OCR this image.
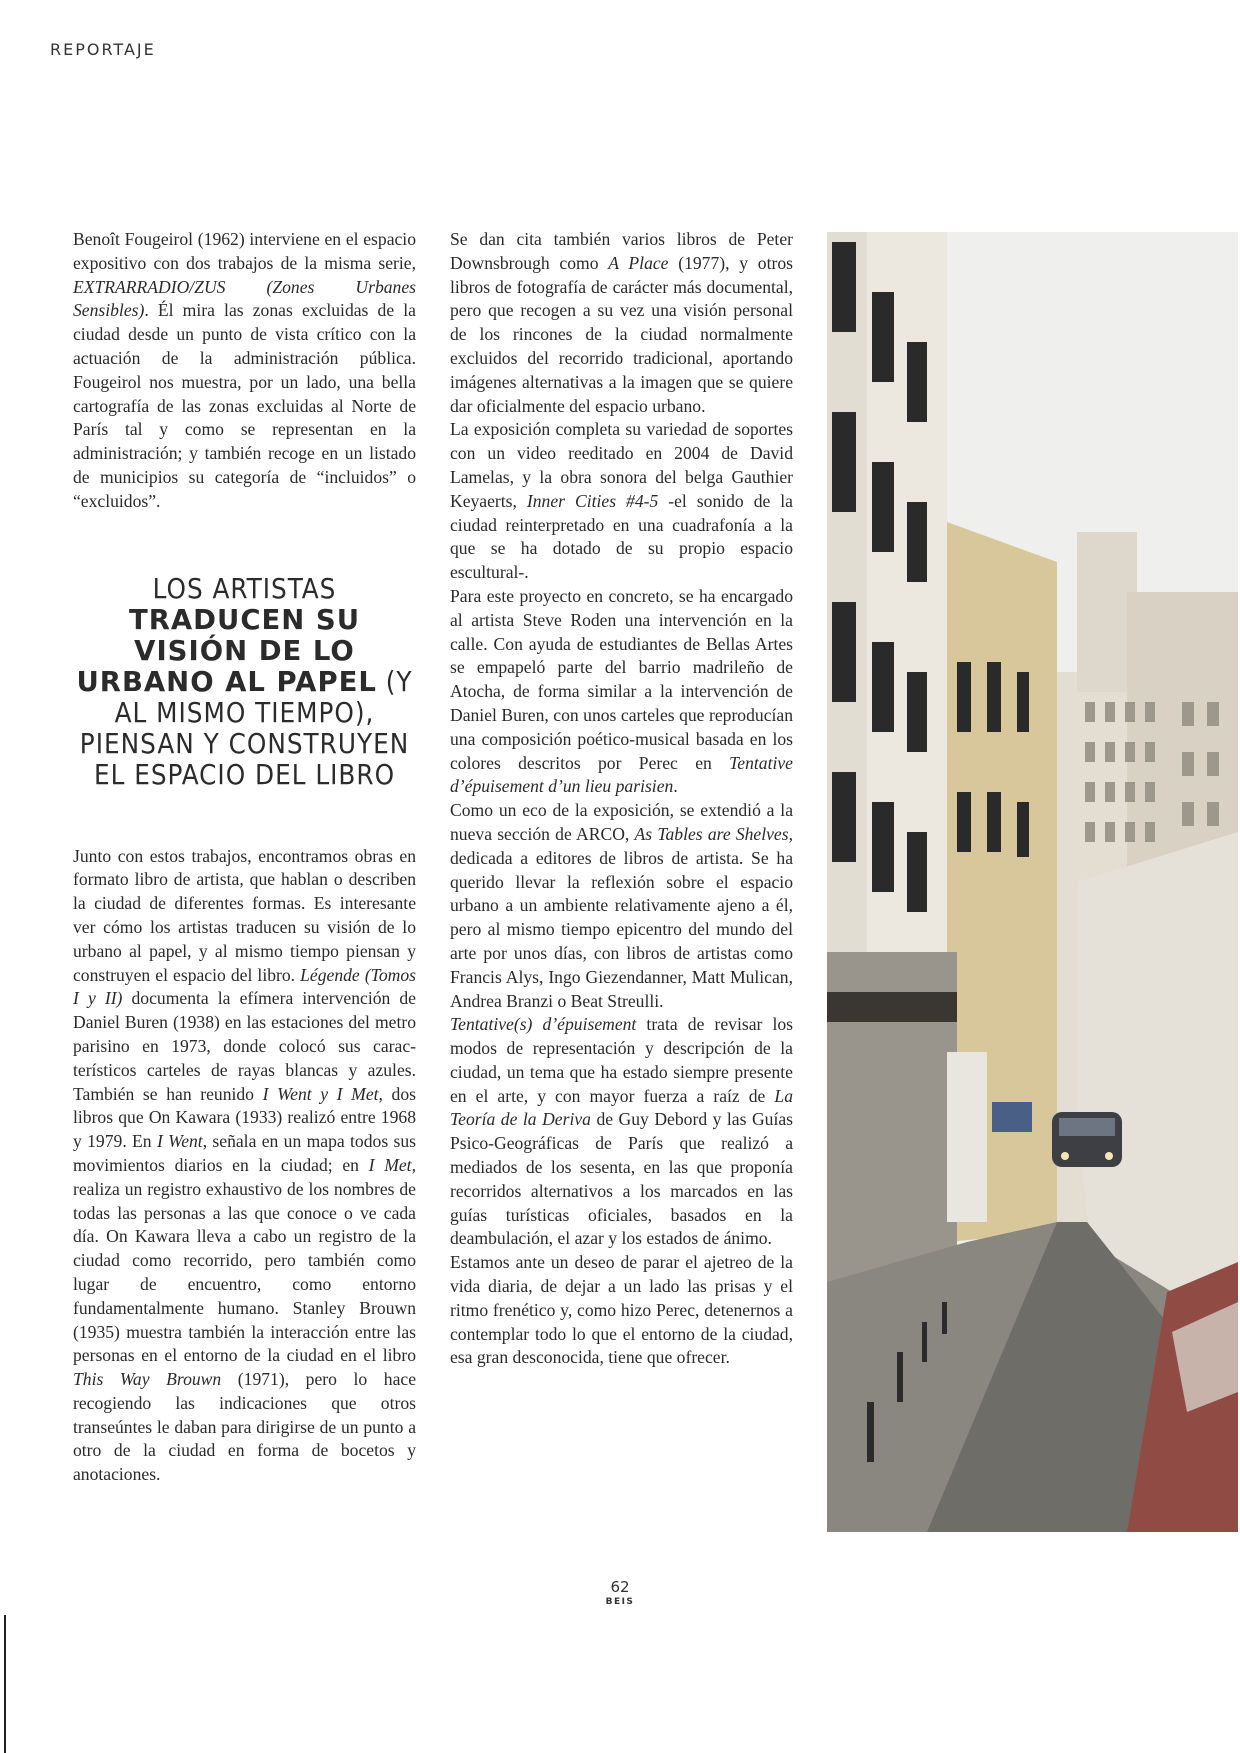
REPORTAJE

Benoît Fougeirol (1962) interviene en el espacio expositivo con dos trabajos de la misma serie, EXTRARRADIO/ZUS (Zones Urbanes Sensibles). Él mira las zonas excluidas de la ciudad desde un punto de vista crítico con la actuación de la administración pública. Fougeirol nos muestra, por un lado, una bella cartografía de las zonas excluidas al Norte de París tal y como se representan en la administración; y también recoge en un listado de municipios su categoría de “incluidos” o “excluidos”.

LOS ARTISTAS
TRADUCEN SU VISIÓN DE LO URBANO AL PAPEL (Y AL MISMO TIEMPO), PIENSAN Y CONSTRUYEN EL ESPACIO DEL LIBRO

Junto con estos trabajos, encontramos obras en formato libro de artista, que hablan o describen la ciudad de diferentes formas. Es interesante ver cómo los artistas traducen su visión de lo urbano al papel, y al mismo tiempo piensan y construyen el espacio del libro. Légende (Tomos I y II) documenta la efímera intervención de Daniel Buren (1938) en las estaciones del metro parisino en 1973, donde colocó sus característicos carteles de rayas blancas y azules. También se han reunido I Went y I Met, dos libros que On Kawara (1933) realizó entre 1968 y 1979. En I Went, señala en un mapa todos sus movimientos diarios en la ciudad; en I Met, realiza un registro exhaustivo de los nombres de todas las personas a las que conoce o ve cada día. On Kawara lleva a cabo un registro de la ciudad como recorrido, pero también como lugar de encuentro, como entorno fundamentalmente humano. Stanley Brouwn (1935) muestra también la interacción entre las personas en el entorno de la ciudad en el libro This Way Brouwn (1971), pero lo hace recogiendo las indicaciones que otros transeúntes le daban para dirigirse de un punto a otro de la ciudad en forma de bocetos y anotaciones.

Se dan cita también varios libros de Peter Downsbrough como A Place (1977), y otros libros de fotografía de carácter más documental, pero que recogen a su vez una visión personal de los rincones de la ciudad normalmente excluidos del recorrido tradicional, aportando imágenes alternativas a la imagen que se quiere dar oficialmente del espacio urbano.

La exposición completa su variedad de soportes con un video reeditado en 2004 de David Lamelas, y la obra sonora del belga Gauthier Keyaerts, Inner Cities #4-5 -el sonido de la ciudad reinterpretado en una cuadrafonía a la que se ha dotado de su propio espacio escultural-.

Para este proyecto en concreto, se ha encargado al artista Steve Roden una intervención en la calle. Con ayuda de estudiantes de Bellas Artes se empapeló parte del barrio madrileño de Atocha, de forma similar a la intervención de Daniel Buren, con unos carteles que reproducían una composición poético-musical basada en los colores descritos por Perec en Tentative d’épuisement d’un lieu parisien.

Como un eco de la exposición, se extendió a la nueva sección de ARCO, As Tables are Shelves, dedicada a editores de libros de artista. Se ha querido llevar la reflexión sobre el espacio urbano a un ambiente relativamente ajeno a él, pero al mismo tiempo epicentro del mundo del arte por unos días, con libros de artistas como Francis Alys, Ingo Giezendanner, Matt Mulican, Andrea Branzi o Beat Streulli.

Tentative(s) d’épuisement trata de revisar los modos de representación y descripción de la ciudad, un tema que ha estado siempre presente en el arte, y con mayor fuerza a raíz de La Teoría de la Deriva de Guy Debord y las Guías Psico-Geográficas de París que realizó a mediados de los sesenta, en las que proponía recorridos alternativos a los marcados en las guías turísticas oficiales, basados en la deambulación, el azar y los estados de ánimo.

Estamos ante un deseo de parar el ajetreo de la vida diaria, de dejar a un lado las prisas y el ritmo frenético y, como hizo Perec, detenernos a contemplar todo lo que el entorno de la ciudad, esa gran desconocida, tiene que ofrecer.

62
BEIS
